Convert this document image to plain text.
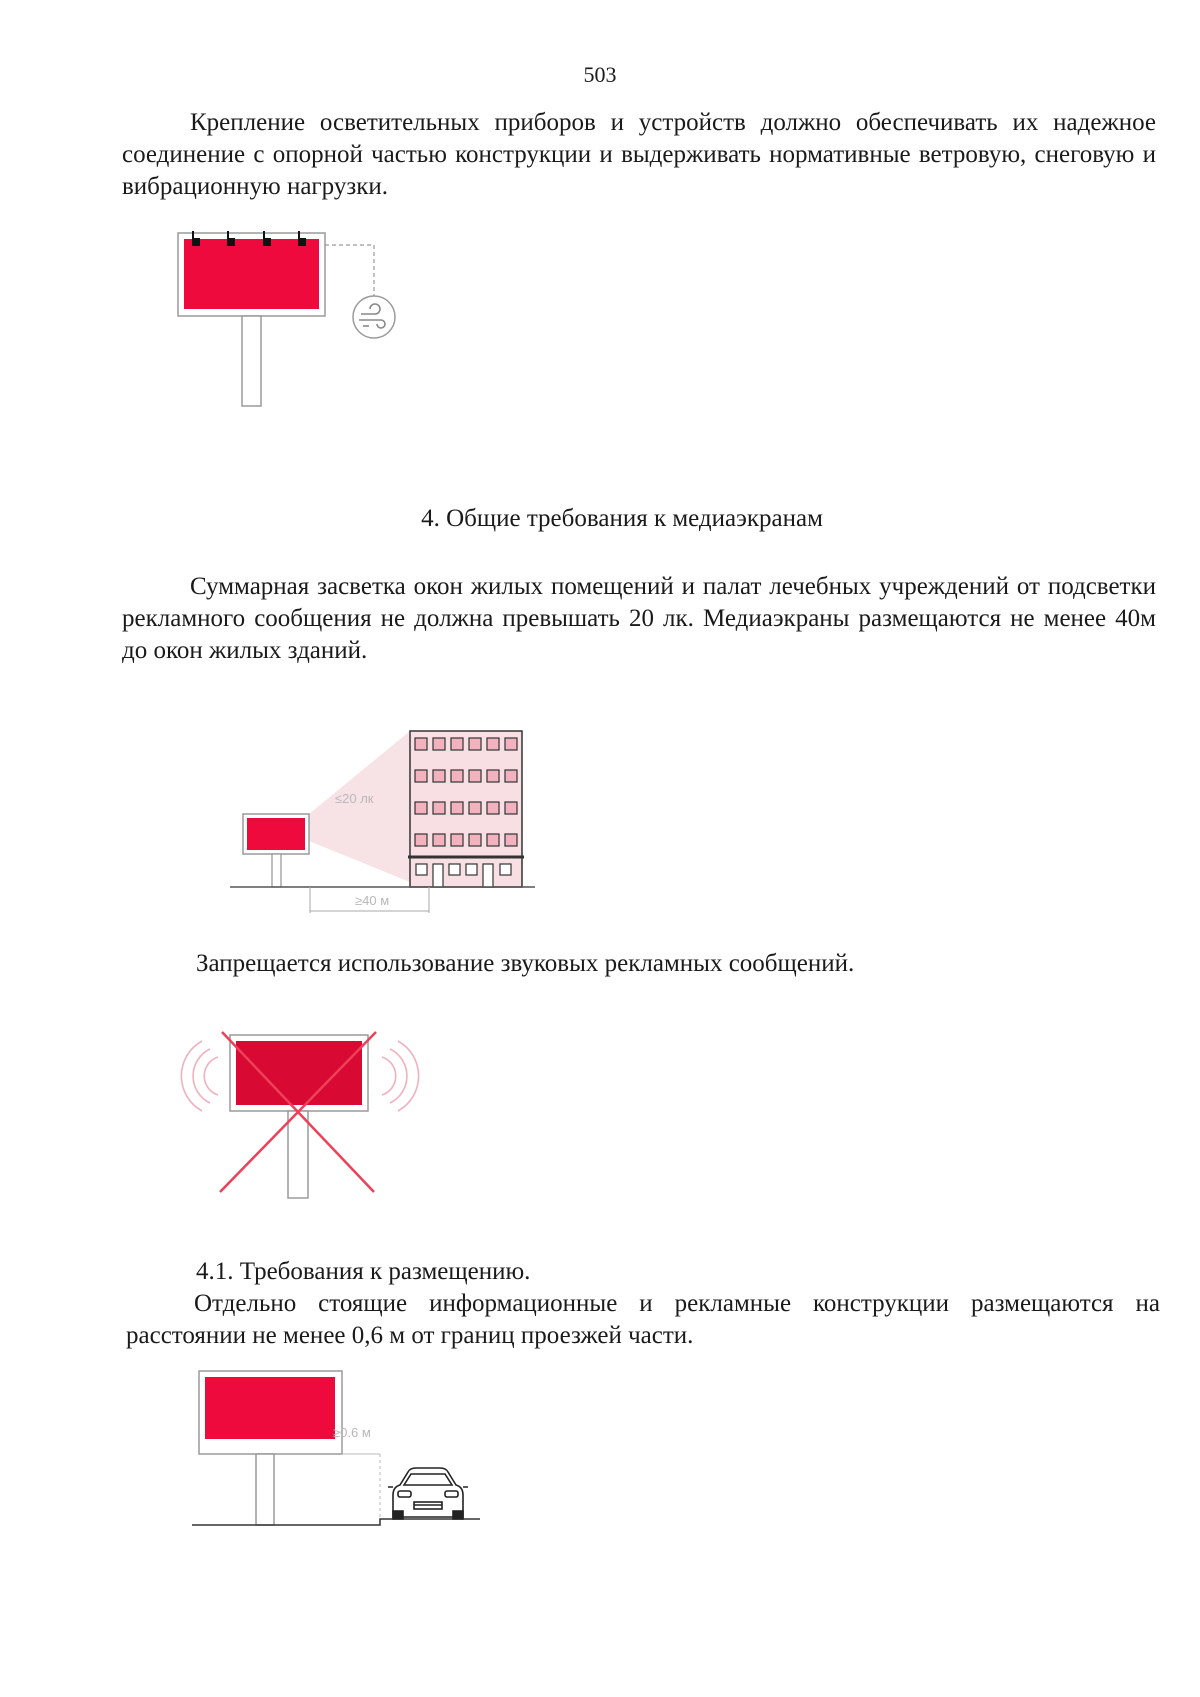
503

Крепление осветительных приборов и устройств должно обеспечивать их надежное соединение с опорной частью конструкции и выдерживать нормативные ветровую, снеговую и вибрационную нагрузки.

4. Общие требования к медиаэкранам

Суммарная засветка окон жилых помещений и палат лечебных учреждений от подсветки рекламного сообщения не должна превышать 20 лк. Медиаэкраны размещаются не менее 40м до окон жилых зданий.

≤20 лк
≥40 м
Запрещается использование звуковых рекламных сообщений.
4.1. Требования к размещению.

Отдельно стоящие информационные и рекламные конструкции размещаются на расстоянии не менее 0,6 м от границ проезжей части.

≥0.6 м
